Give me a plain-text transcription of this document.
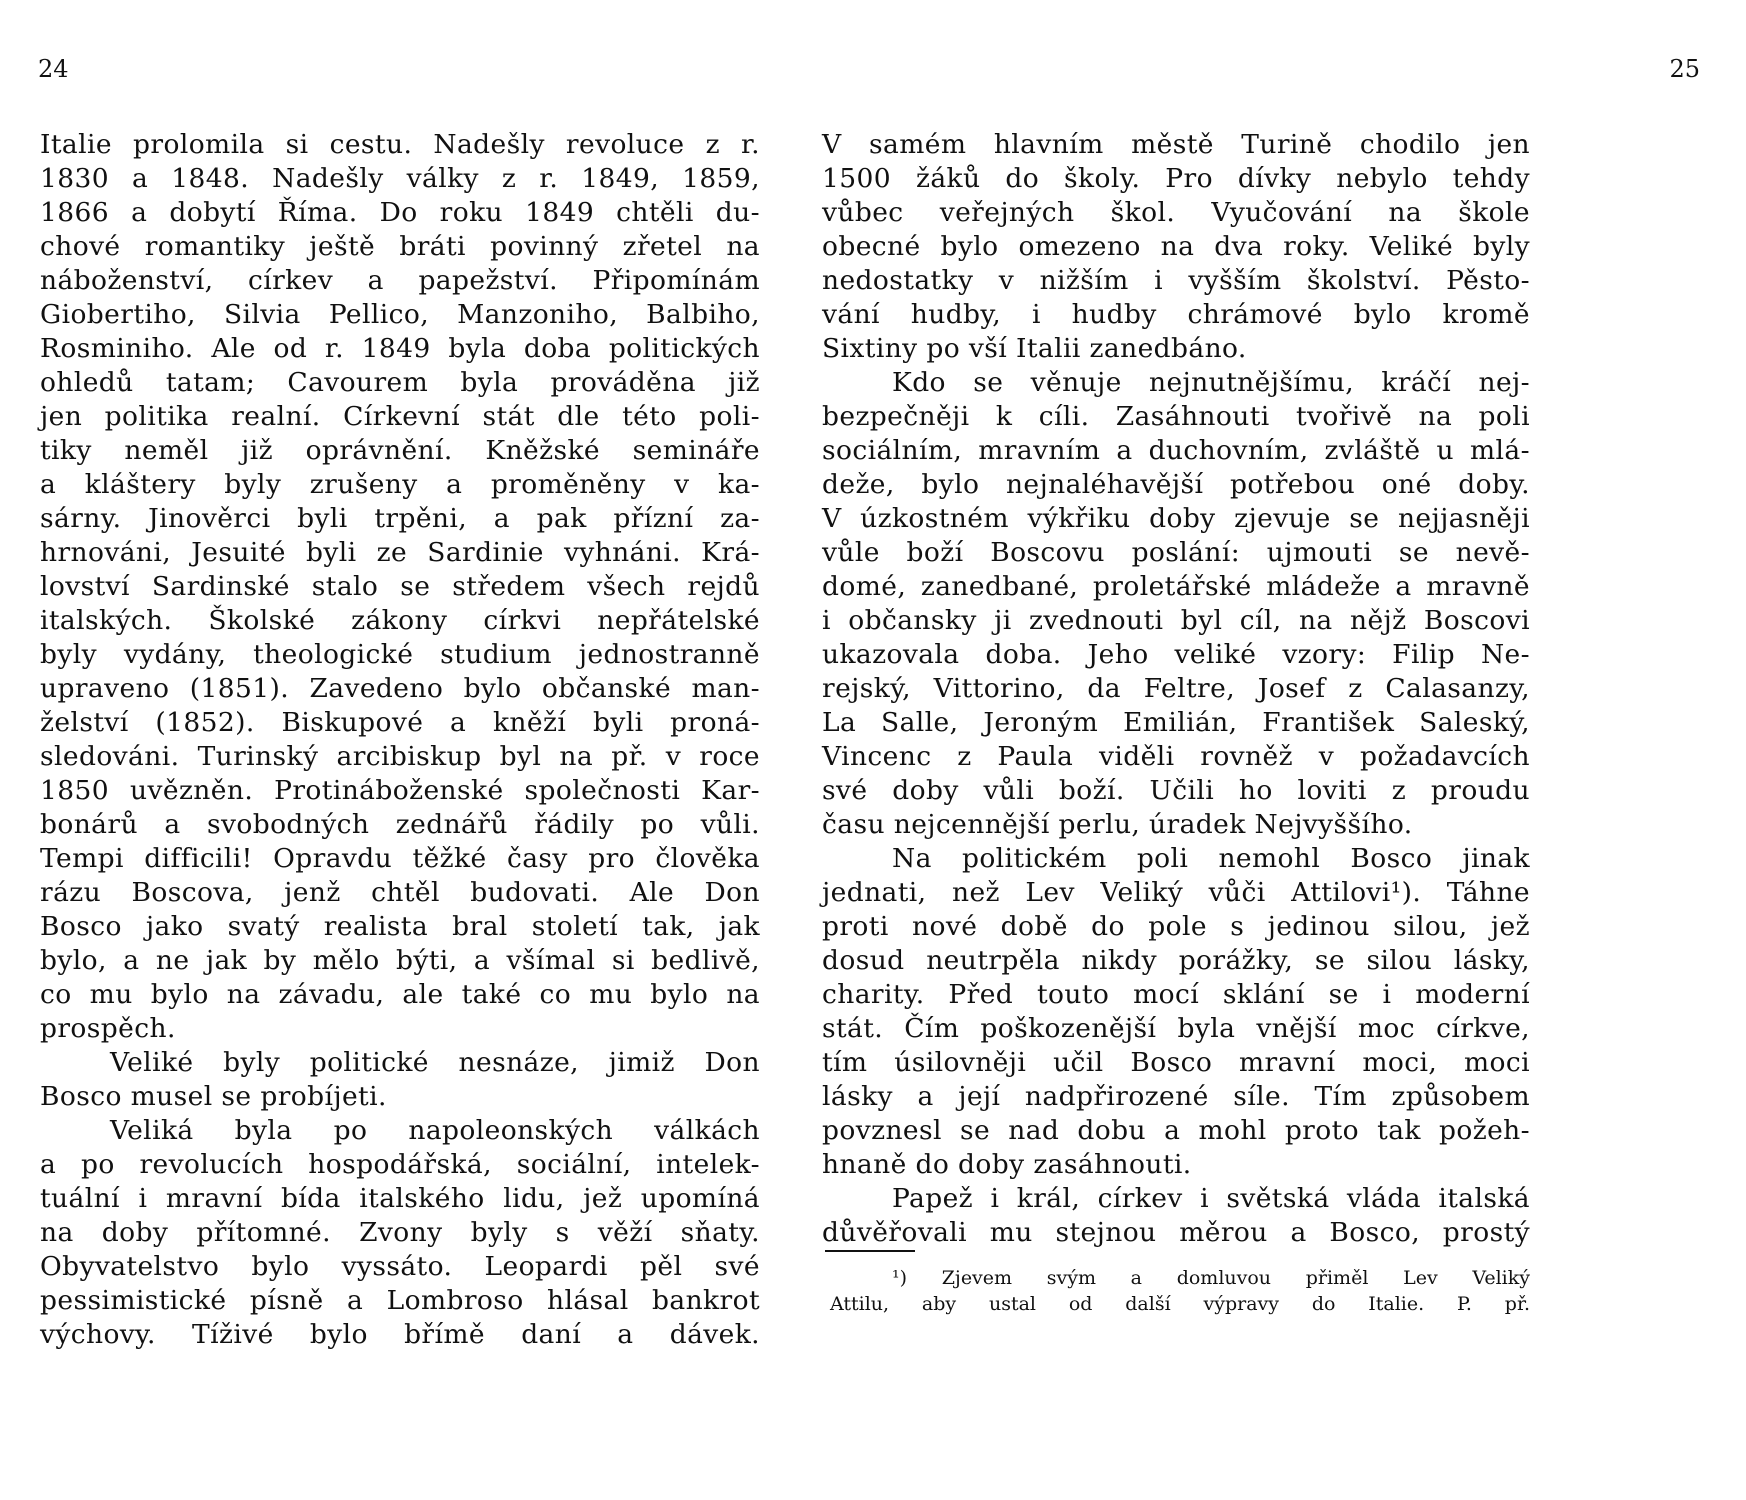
24	25
Italie prolomila si cestu. Nadešly revoluce z r.
1830 a 1848. Nadešly války z r. 1849, 1859,
1866 a dobytí Říma. Do roku 1849 chtěli du-
chové romantiky ještě bráti povinný zřetel na
náboženství, církev a papežství. Připomínám
Giobertiho, Silvia Pellico, Manzoniho, Balbiho,
Rosminiho. Ale od r. 1849 byla doba politických
ohledů tatam; Cavourem byla prováděna již
jen politika realní. Církevní stát dle této poli-
tiky neměl již oprávnění. Kněžské semináře
a kláštery byly zrušeny a proměněny v ka-
sárny. Jinověrci byli trpěni, a pak přízní za-
hrnováni, Jesuité byli ze Sardinie vyhnáni. Krá-
lovství Sardinské stalo se středem všech rejdů
italských. Školské zákony církvi nepřátelské
byly vydány, theologické studium jednostranně
upraveno (1851). Zavedeno bylo občanské man-
želství (1852). Biskupové a kněží byli proná-
sledováni. Turinský arcibiskup byl na př. v roce
1850 uvězněn. Protináboženské společnosti Kar-
bonárů a svobodných zednářů řádily po vůli.
Tempi difficili! Opravdu těžké časy pro člověka
rázu Boscova, jenž chtěl budovati. Ale Don
Bosco jako svatý realista bral století tak, jak
bylo, a ne jak by mělo býti, a všímal si bedlivě,
co mu bylo na závadu, ale také co mu bylo na
prospěch.
Veliké byly politické nesnáze, jimiž Don
Bosco musel se probíjeti.
Veliká byla po napoleonských válkách
a po revolucích hospodářská, sociální, intelek-
tuální i mravní bída italského lidu, jež upomíná
na doby přítomné. Zvony byly s věží sňaty.
Obyvatelstvo bylo vyssáto. Leopardi pěl své
pessimistické písně a Lombroso hlásal bankrot
výchovy. Tíživé bylo břímě daní a dávek.
V samém hlavním městě Turině chodilo jen
1500 žáků do školy. Pro dívky nebylo tehdy
vůbec veřejných škol. Vyučování na škole
obecné bylo omezeno na dva roky. Veliké byly
nedostatky v nižším i vyšším školství. Pěsto-
vání hudby, i hudby chrámové bylo kromě
Sixtiny po vší Italii zanedbáno.
Kdo se věnuje nejnutnějšímu, kráčí nej-
bezpečněji k cíli. Zasáhnouti tvořivě na poli
sociálním, mravním a duchovním, zvláště u mlá-
deže, bylo nejnaléhavější potřebou oné doby.
V úzkostném výkřiku doby zjevuje se nejjasněji
vůle boží Boscovu poslání: ujmouti se nevě-
domé, zanedbané, proletářské mládeže a mravně
i občansky ji zvednouti byl cíl, na nějž Boscovi
ukazovala doba. Jeho veliké vzory: Filip Ne-
rejský, Vittorino, da Feltre, Josef z Calasanzy,
La Salle, Jeroným Emilián, František Saleský,
Vincenc z Paula viděli rovněž v požadavcích
své doby vůli boží. Učili ho loviti z proudu
času nejcennější perlu, úradek Nejvyššího.
Na politickém poli nemohl Bosco jinak
jednati, než Lev Veliký vůči Attilovi¹). Táhne
proti nové době do pole s jedinou silou, jež
dosud neutrpěla nikdy porážky, se silou lásky,
charity. Před touto mocí sklání se i moderní
stát. Čím poškozenější byla vnější moc církve,
tím úsilovněji učil Bosco mravní moci, moci
lásky a její nadpřirozené síle. Tím způsobem
povznesl se nad dobu a mohl proto tak požeh-
hnaně do doby zasáhnouti.
Papež i král, církev i světská vláda italská
důvěřovali mu stejnou měrou a Bosco, prostý
¹) Zjevem svým a domluvou přiměl Lev Veliký
Attilu, aby ustal od další výpravy do Italie. P. př.
